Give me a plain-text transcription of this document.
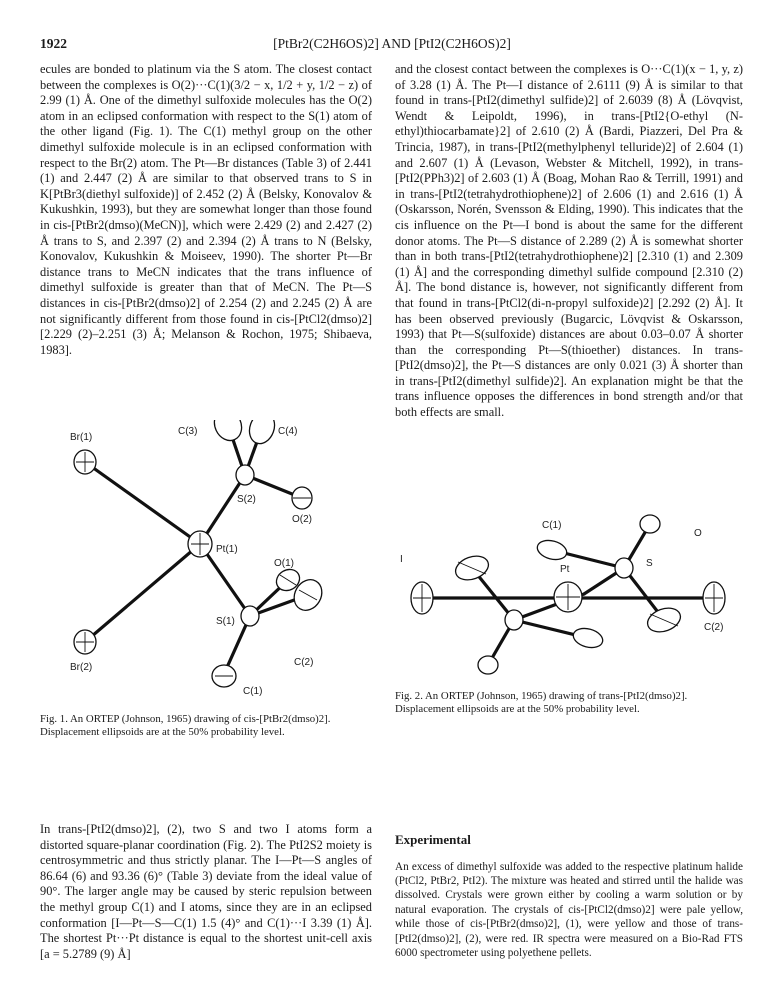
1922	[PtBr2(C2H6OS)2] AND [PtI2(C2H6OS)2]

ecules are bonded to platinum via the S atom. The closest contact between the complexes is O(2)···C(1)(3/2 − x, 1/2 + y, 1/2 − z) of 2.99 (1) Å. One of the dimethyl sulfoxide molecules has the O(2) atom in an eclipsed conformation with respect to the S(1) atom of the other ligand (Fig. 1). The C(1) methyl group on the other dimethyl sulfoxide molecule is in an eclipsed conformation with respect to the Br(2) atom. The Pt—Br distances (Table 3) of 2.441 (1) and 2.447 (2) Å are similar to that observed trans to S in K[PtBr3(diethyl sulfoxide)] of 2.452 (2) Å (Belsky, Konovalov & Kukushkin, 1993), but they are somewhat longer than those found in cis-[PtBr2(dmso)(MeCN)], which were 2.429 (2) and 2.427 (2) Å trans to S, and 2.397 (2) and 2.394 (2) Å trans to N (Belsky, Konovalov, Kukushkin & Moiseev, 1990). The shorter Pt—Br distance trans to MeCN indicates that the trans influence of dimethyl sulfoxide is greater than that of MeCN. The Pt—S distances in cis-[PtBr2(dmso)2] of 2.254 (2) and 2.245 (2) Å are not significantly different from those found in cis-[PtCl2(dmso)2] [2.229 (2)–2.251 (3) Å; Melanson & Rochon, 1975; Shibaeva, 1983].

and the closest contact between the complexes is O···C(1)(x − 1, y, z) of 3.28 (1) Å. The Pt—I distance of 2.6111 (9) Å is similar to that found in trans-[PtI2(dimethyl sulfide)2] of 2.6039 (8) Å (Lövqvist, Wendt & Leipoldt, 1996), in trans-[PtI2{O-ethyl (N-ethyl)thiocarbamate}2] of 2.610 (2) Å (Bardi, Piazzeri, Del Pra & Trincia, 1987), in trans-[PtI2(methylphenyl telluride)2] of 2.604 (1) and 2.607 (1) Å (Levason, Webster & Mitchell, 1992), in trans-[PtI2(PPh3)2] of 2.603 (1) Å (Boag, Mohan Rao & Terrill, 1991) and in trans-[PtI2(tetrahydrothiophene)2] of 2.606 (1) and 2.616 (1) Å (Oskarsson, Norén, Svensson & Elding, 1990). This indicates that the cis influence on the Pt—I bond is about the same for the different donor atoms. The Pt—S distance of 2.289 (2) Å is somewhat shorter than in both trans-[PtI2(tetrahydrothiophene)2] [2.310 (1) and 2.309 (1) Å] and the corresponding dimethyl sulfide compound [2.310 (2) Å]. The bond distance is, however, not significantly different from that found in trans-[PtCl2(di-n-propyl sulfoxide)2] [2.292 (2) Å]. It has been observed previously (Bugarcic, Lövqvist & Oskarsson, 1993) that Pt—S(sulfoxide) distances are about 0.03–0.07 Å shorter than the corresponding Pt—S(thioether) distances. In trans-[PtI2(dmso)2], the Pt—S distances are only 0.021 (3) Å shorter than in trans-[PtI2(dimethyl sulfide)2]. An explanation might be that the trans influence opposes the differences in bond strength and/or that both effects are small.

C(3)	C(4)
Br(1)
S(2)
O(2)
Pt(1)
O(1)
S(1)
Br(2)	C(2)
C(1)
Fig. 1. An ORTEP (Johnson, 1965) drawing of cis-[PtBr2(dmso)2]. Displacement ellipsoids are at the 50% probability level.
C(1)
O
I
Pt
S
C(2)
Fig. 2. An ORTEP (Johnson, 1965) drawing of trans-[PtI2(dmso)2]. Displacement ellipsoids are at the 50% probability level.

In trans-[PtI2(dmso)2], (2), two S and two I atoms form a distorted square-planar coordination (Fig. 2). The PtI2S2 moiety is centrosymmetric and thus strictly planar. The I—Pt—S angles of 86.64 (6) and 93.36 (6)° (Table 3) deviate from the ideal value of 90°. The larger angle may be caused by steric repulsion between the methyl group C(1) and I atoms, since they are in an eclipsed conformation [I—Pt—S—C(1) 1.5 (4)° and C(1)···I 3.39 (1) Å]. The shortest Pt···Pt distance is equal to the shortest unit-cell axis [a = 5.2789 (9) Å]

Experimental

An excess of dimethyl sulfoxide was added to the respective platinum halide (PtCl2, PtBr2, PtI2). The mixture was heated and stirred until the halide was dissolved. Crystals were grown either by cooling a warm solution or by natural evaporation. The crystals of cis-[PtCl2(dmso)2] were pale yellow, while those of cis-[PtBr2(dmso)2], (1), were yellow and those of trans-[PtI2(dmso)2], (2), were red. IR spectra were measured on a Bio-Rad FTS 6000 spectrometer using polyethene pellets.
